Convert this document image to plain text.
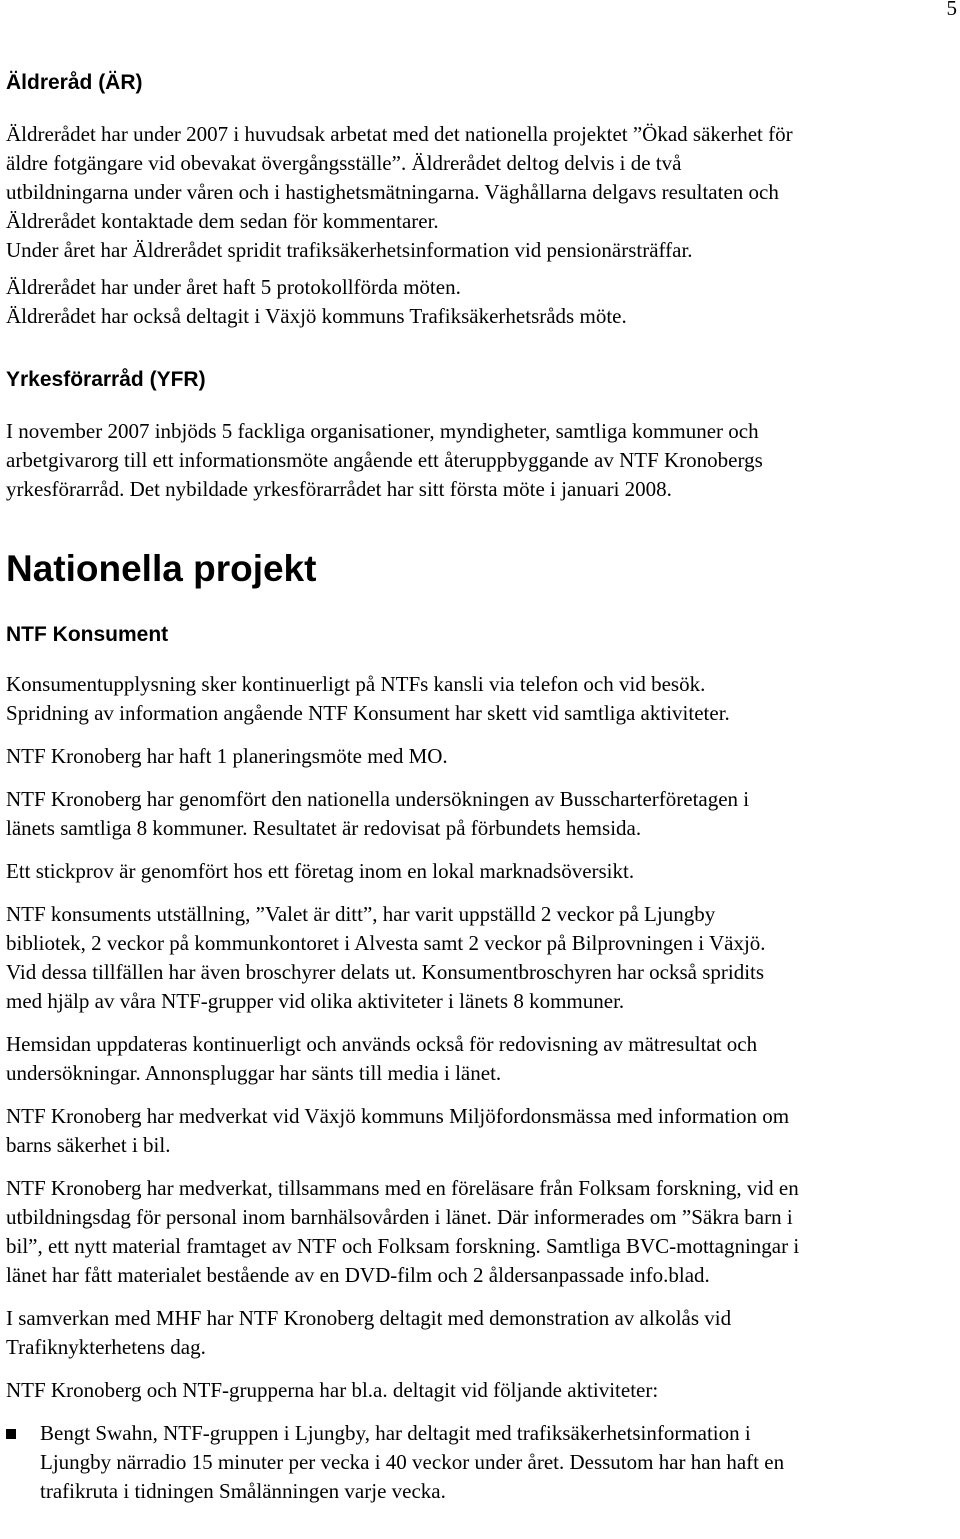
5
Äldreråd (ÄR)
Äldrerådet har under 2007 i huvudsak arbetat med det nationella projektet ”Ökad säkerhet för
äldre fotgängare vid obevakat övergångsställe”. Äldrerådet deltog delvis i de två
utbildningarna under våren och i hastighetsmätningarna. Väghållarna delgavs resultaten och
Äldrerådet kontaktade dem sedan för kommentarer.
Under året har Äldrerådet spridit trafiksäkerhetsinformation vid pensionärsträffar.
Äldrerådet har under året haft 5 protokollförda möten.
Äldrerådet har också deltagit i Växjö kommuns Trafiksäkerhetsråds möte.
Yrkesförarråd (YFR)
I november 2007 inbjöds 5 fackliga organisationer, myndigheter, samtliga kommuner och
arbetgivarorg till ett informationsmöte angående ett återuppbyggande av NTF Kronobergs
yrkesförarråd. Det nybildade yrkesförarrådet har sitt första möte i januari 2008.
Nationella projekt
NTF Konsument
Konsumentupplysning sker kontinuerligt på NTFs kansli via telefon och vid besök.
Spridning av information angående NTF Konsument har skett vid samtliga aktiviteter.
NTF Kronoberg har haft 1 planeringsmöte med MO.
NTF Kronoberg har genomfört den nationella undersökningen av Busscharterföretagen i
länets samtliga 8 kommuner. Resultatet är redovisat på förbundets hemsida.
Ett stickprov är genomfört hos ett företag inom en lokal marknadsöversikt.
NTF konsuments utställning, ”Valet är ditt”, har varit uppställd 2 veckor på Ljungby
bibliotek, 2 veckor på kommunkontoret i Alvesta samt 2 veckor på Bilprovningen i Växjö.
Vid dessa tillfällen har även broschyrer delats ut. Konsumentbroschyren har också spridits
med hjälp av våra NTF-grupper vid olika aktiviteter i länets 8 kommuner.
Hemsidan uppdateras kontinuerligt och används också för redovisning av mätresultat och
undersökningar. Annonspluggar har sänts till media i länet.
NTF Kronoberg har medverkat vid Växjö kommuns Miljöfordonsmässa med information om
barns säkerhet i bil.
NTF Kronoberg har medverkat, tillsammans med en föreläsare från Folksam forskning, vid en
utbildningsdag för personal inom barnhälsovården i länet. Där informerades om ”Säkra barn i
bil”, ett nytt material framtaget av NTF och Folksam forskning. Samtliga BVC-mottagningar i
länet har fått materialet bestående av en DVD-film och 2 åldersanpassade info.blad.
I samverkan med MHF har NTF Kronoberg deltagit med demonstration av alkolås vid
Trafiknykterhetens dag.
NTF Kronoberg och NTF-grupperna har bl.a. deltagit vid följande aktiviteter:
Bengt Swahn, NTF-gruppen i Ljungby, har deltagit med trafiksäkerhetsinformation i
Ljungby närradio 15 minuter per vecka i 40 veckor under året. Dessutom har han haft en
trafikruta i tidningen Smålänningen varje vecka.
